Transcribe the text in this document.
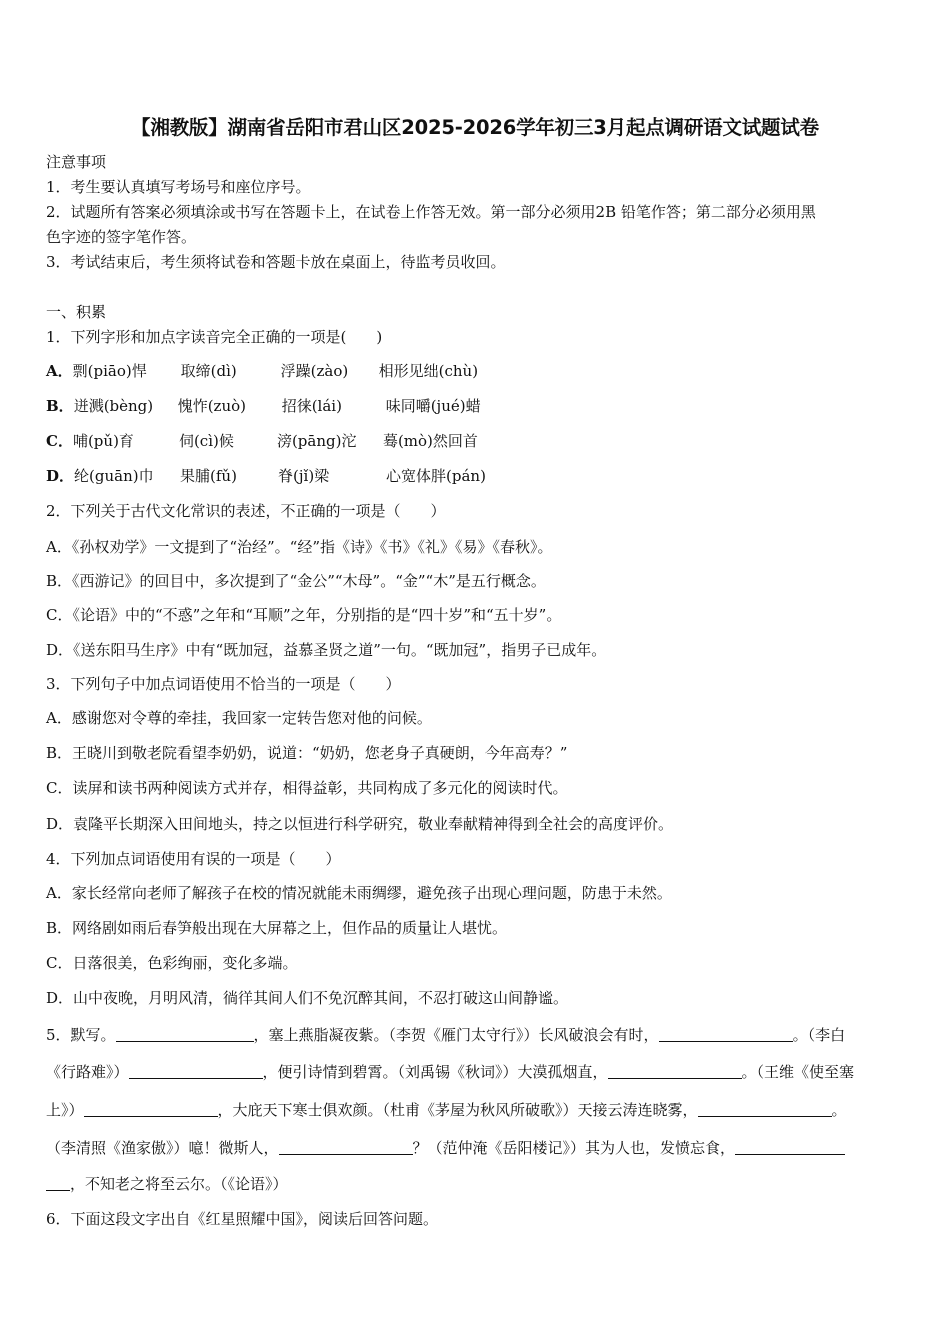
【湘教版】湖南省岳阳市君山区2025-2026学年初三3月起点调研语文试题试卷
注意事项
1．考生要认真填写考场号和座位序号。
2．试题所有答案必须填涂或书写在答题卡上，在试卷上作答无效。第一部分必须用2B 铅笔作答；第二部分必须用黑
色字迹的签字笔作答。
3．考试结束后，考生须将试卷和答题卡放在桌面上，待监考员收回。
一、积累
1．下列字形和加点字读音完全正确的一项是(　　)
A．剽(piāo)悍 取缔(dì)	浮躁(zào) 相形见绌(chù)
B．迸溅(bèng) 愧怍(zuò) 招徕(lái)	味同嚼(jué)蜡
C．哺(pǔ)育	伺(cì)候	滂(pāng)沱 蓦(mò)然回首
D．纶(guān)巾 果脯(fǔ)	脊(jǐ)梁	心宽体胖(pán)
2．下列关于古代文化常识的表述，不正确的一项是（　　）
A．《孙权劝学》一文提到了“治经”。“经”指《诗》《书》《礼》《易》《春秋》。
B．《西游记》的回目中，多次提到了“金公”“木母”。“金”“木”是五行概念。
C．《论语》中的“不惑”之年和“耳顺”之年，分别指的是“四十岁”和“五十岁”。
D．《送东阳马生序》中有“既加冠，益慕圣贤之道”一句。“既加冠”，指男子已成年。
3．下列句子中加点词语使用不恰当的一项是（　　）
A．感谢您对令尊的牵挂，我回家一定转告您对他的问候。
B．王晓川到敬老院看望李奶奶，说道：“奶奶，您老身子真硬朗，今年高寿？”
C．读屏和读书两种阅读方式并存，相得益彰，共同构成了多元化的阅读时代。
D．袁隆平长期深入田间地头，持之以恒进行科学研究，敬业奉献精神得到全社会的高度评价。
4．下列加点词语使用有误的一项是（　　）
A．家长经常向老师了解孩子在校的情况就能未雨绸缪，避免孩子出现心理问题，防患于未然。
B．网络剧如雨后春笋般出现在大屏幕之上，但作品的质量让人堪忧。
C．日落很美，色彩绚丽，变化多端。
D．山中夜晚，月明风清，徜徉其间人们不免沉醉其间，不忍打破这山间静谧。
5．默写。	，塞上燕脂凝夜紫。（李贺《雁门太守行》）长风破浪会有时，	。（李白
《行路难》）	，便引诗情到碧霄。（刘禹锡《秋词》）大漠孤烟直，	。（王维《使至塞
上》）	，大庇天下寒士俱欢颜。（杜甫《茅屋为秋风所破歌》）天接云涛连晓雾，	。
（李清照《渔家傲》）噫！微斯人，	？（范仲淹《岳阳楼记》）其为人也，发愤忘食，
，不知老之将至云尔。（《论语》）
6．下面这段文字出自《红星照耀中国》，阅读后回答问题。
